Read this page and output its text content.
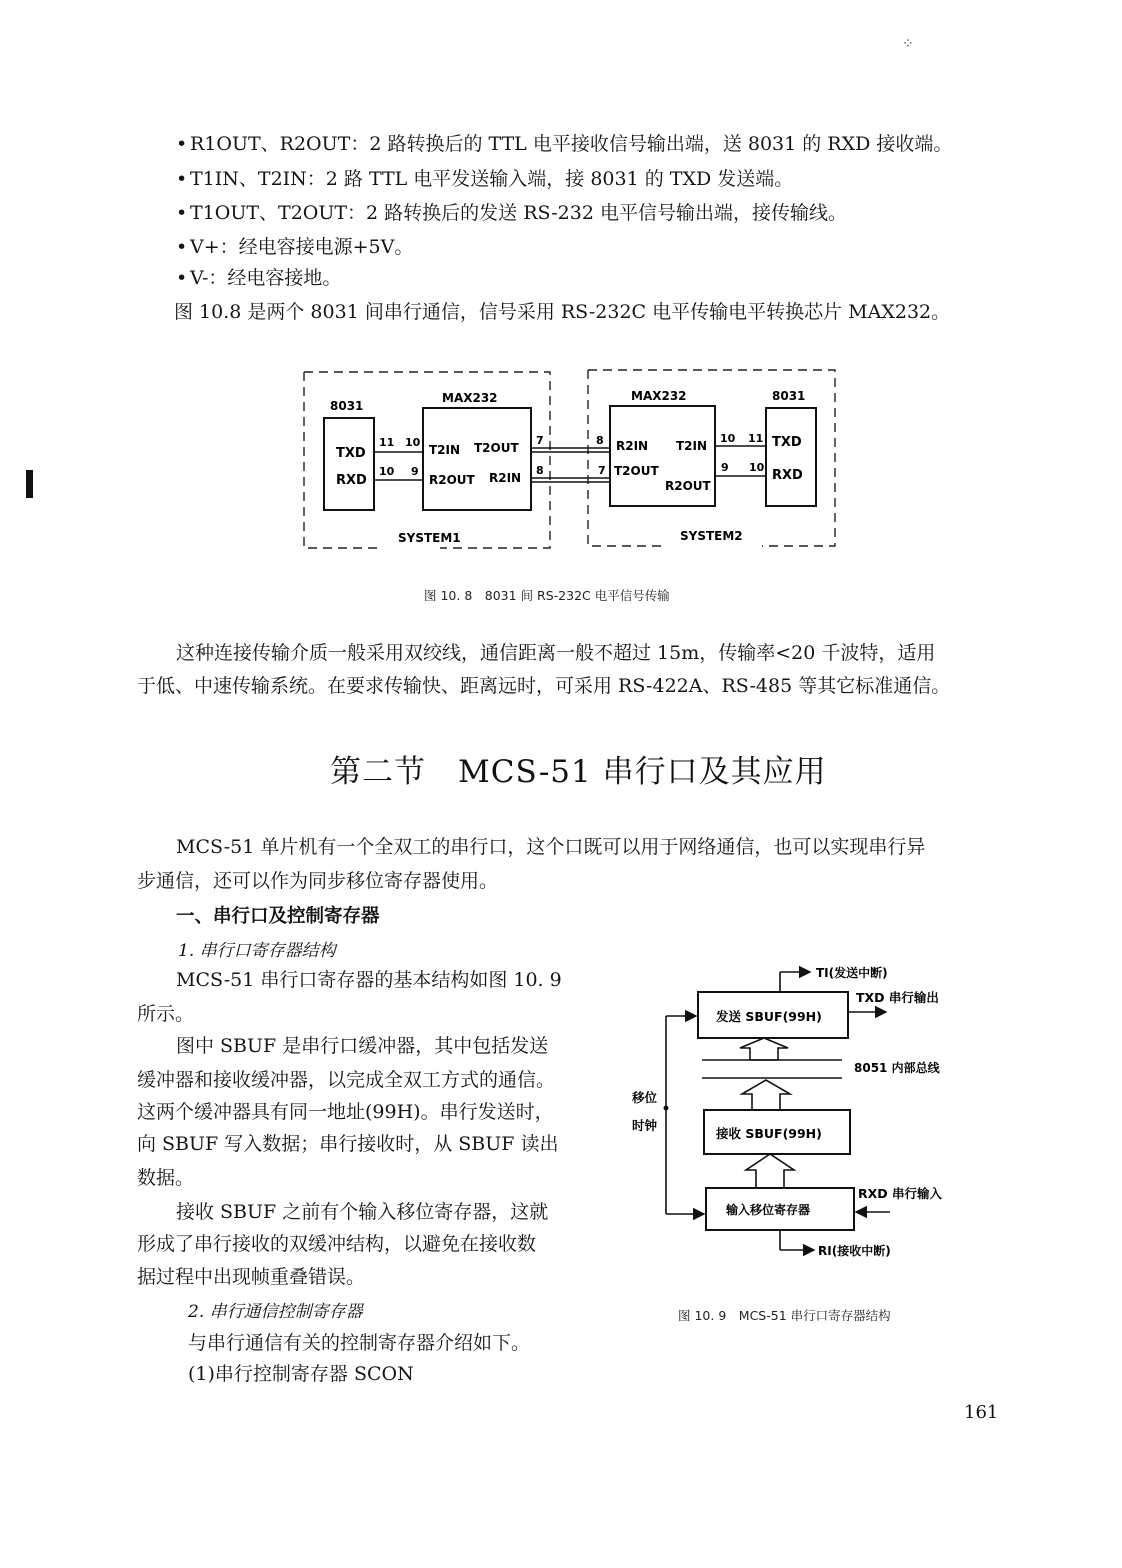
⁘
• R1OUT、R2OUT：2 路转换后的 TTL 电平接收信号输出端，送 8031 的 RXD 接收端。
• T1IN、T2IN：2 路 TTL 电平发送输入端，接 8031 的 TXD 发送端。
• T1OUT、T2OUT：2 路转换后的发送 RS-232 电平信号输出端，接传输线。
• V+：经电容接电源+5V。
• V-：经电容接地。
图 10.8 是两个 8031 间串行通信，信号采用 RS-232C 电平传输电平转换芯片 MAX232。
8031
MAX232
TXD
RXD
T2IN T2OUT
R2OUT R2IN
11 10
10 9
7
8
SYSTEM1
MAX232	8031
8
7
R2IN T2IN
T2OUT
R2OUT
10 11
9 10
TXD
RXD
SYSTEM2
图 10. 8　8031 间 RS-232C 电平信号传输
这种连接传输介质一般采用双绞线，通信距离一般不超过 15m，传输率<20 千波特，适用
于低、中速传输系统。在要求传输快、距离远时，可采用 RS-422A、RS-485 等其它标准通信。
第二节　MCS-51 串行口及其应用
MCS-51 单片机有一个全双工的串行口，这个口既可以用于网络通信，也可以实现串行异
步通信，还可以作为同步移位寄存器使用。
一、串行口及控制寄存器
1. 串行口寄存器结构
MCS-51 串行口寄存器的基本结构如图 10. 9
所示。
图中 SBUF 是串行口缓冲器，其中包括发送
缓冲器和接收缓冲器，以完成全双工方式的通信。
这两个缓冲器具有同一地址(99H)。串行发送时，
向 SBUF 写入数据；串行接收时，从 SBUF 读出
数据。
接收 SBUF 之前有个输入移位寄存器，这就
形成了串行接收的双缓冲结构，以避免在接收数
据过程中出现帧重叠错误。
2. 串行通信控制寄存器
与串行通信有关的控制寄存器介绍如下。
(1)串行控制寄存器 SCON
TI(发送中断)
发送 SBUF(99H)
TXD 串行输出
8051 内部总线
接收 SBUF(99H)
输入移位寄存器
RXD 串行输入
RI(接收中断)
移位
时钟
图 10. 9　MCS-51 串行口寄存器结构
161
